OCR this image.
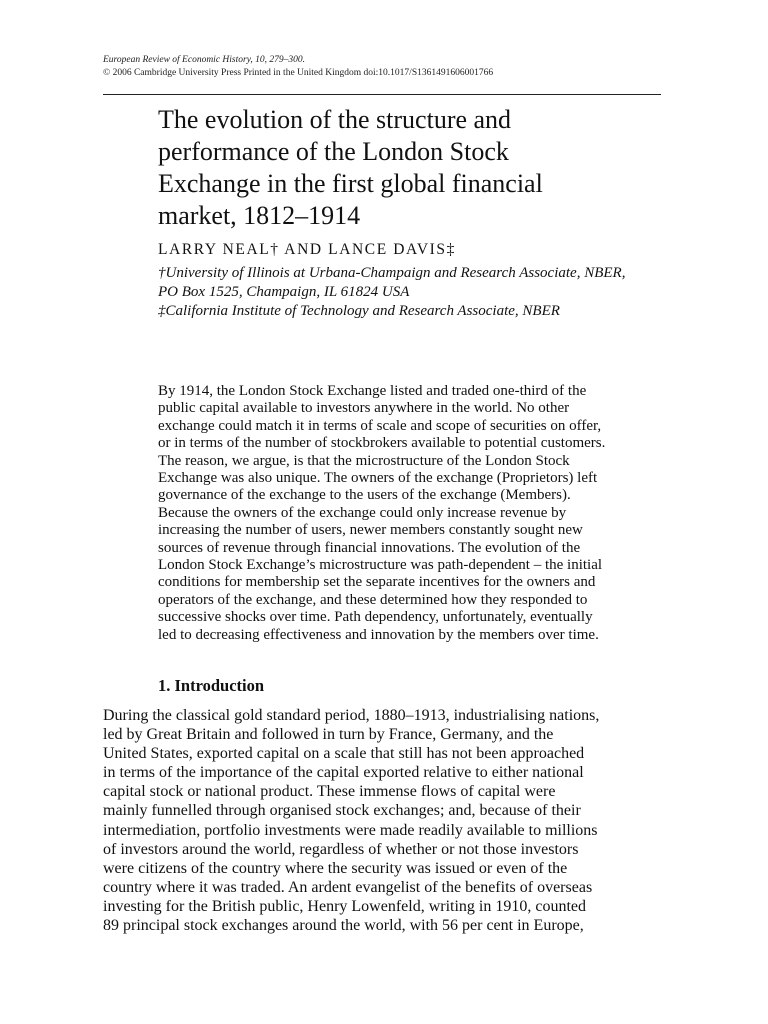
European Review of Economic History, 10, 279–300.
© 2006 Cambridge University Press Printed in the United Kingdom doi:10.1017/S1361491606001766
The evolution of the structure and
performance of the London Stock
Exchange in the first global financial
market, 1812–1914
LARRY NEAL† AND LANCE DAVIS‡
†University of Illinois at Urbana-Champaign and Research Associate, NBER,
PO Box 1525, Champaign, IL 61824 USA
‡California Institute of Technology and Research Associate, NBER
By 1914, the London Stock Exchange listed and traded one-third of the
public capital available to investors anywhere in the world. No other
exchange could match it in terms of scale and scope of securities on offer,
or in terms of the number of stockbrokers available to potential customers.
The reason, we argue, is that the microstructure of the London Stock
Exchange was also unique. The owners of the exchange (Proprietors) left
governance of the exchange to the users of the exchange (Members).
Because the owners of the exchange could only increase revenue by
increasing the number of users, newer members constantly sought new
sources of revenue through financial innovations. The evolution of the
London Stock Exchange’s microstructure was path-dependent – the initial
conditions for membership set the separate incentives for the owners and
operators of the exchange, and these determined how they responded to
successive shocks over time. Path dependency, unfortunately, eventually
led to decreasing effectiveness and innovation by the members over time.
1. Introduction
During the classical gold standard period, 1880–1913, industrialising nations,
led by Great Britain and followed in turn by France, Germany, and the
United States, exported capital on a scale that still has not been approached
in terms of the importance of the capital exported relative to either national
capital stock or national product. These immense flows of capital were
mainly funnelled through organised stock exchanges; and, because of their
intermediation, portfolio investments were made readily available to millions
of investors around the world, regardless of whether or not those investors
were citizens of the country where the security was issued or even of the
country where it was traded. An ardent evangelist of the benefits of overseas
investing for the British public, Henry Lowenfeld, writing in 1910, counted
89 principal stock exchanges around the world, with 56 per cent in Europe,
